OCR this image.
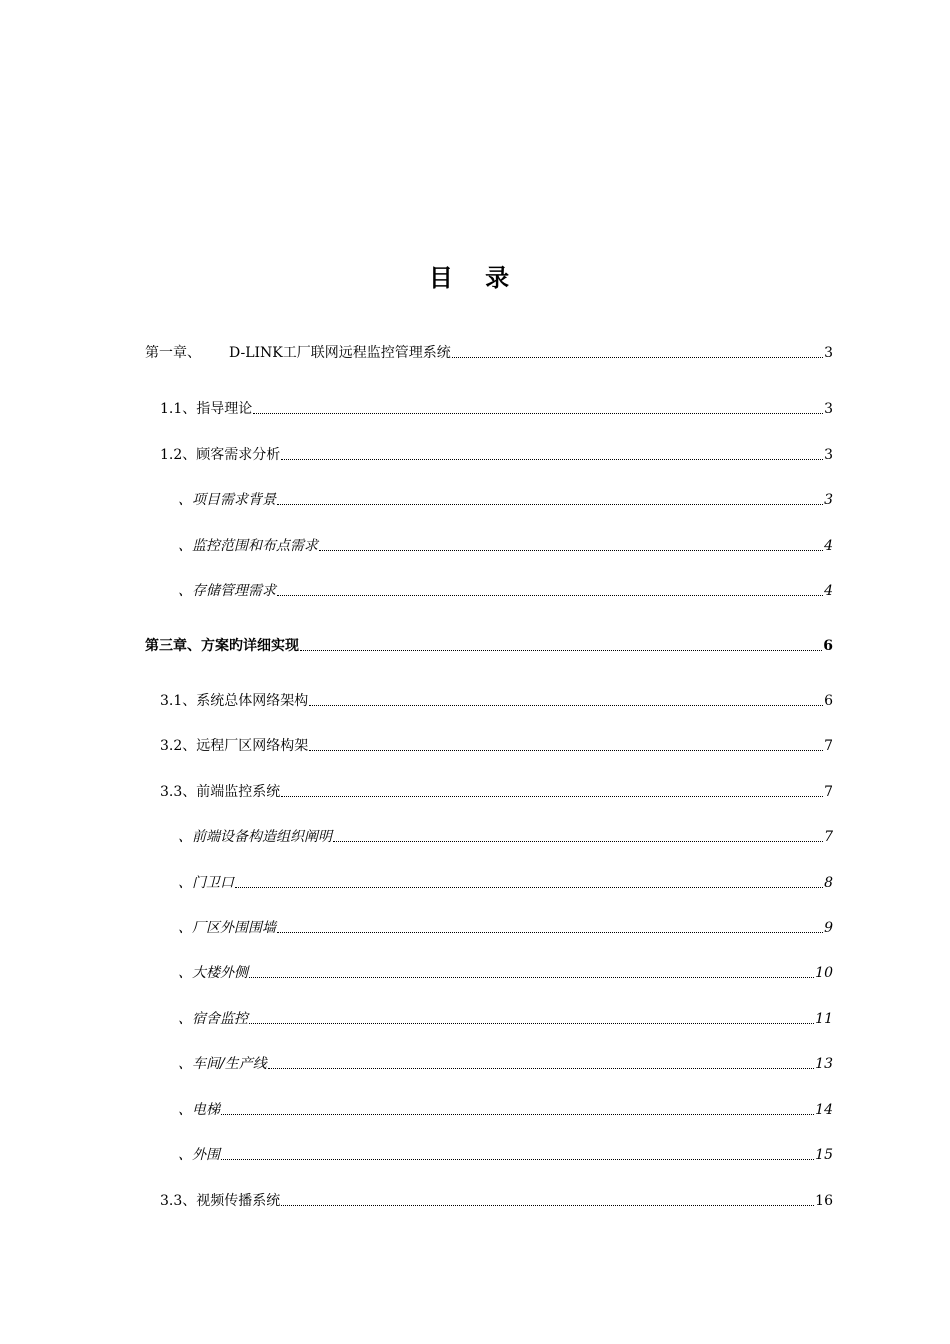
目 录
第一章、 D-LINK工厂联网远程监控管理系统	3
1.1、指导理论	3
1.2、顾客需求分析	3
、项目需求背景	3
、监控范围和布点需求	4
、存储管理需求	4
第三章、方案旳详细实现	6
3.1、系统总体网络架构	6
3.2、远程厂区网络构架	7
3.3、前端监控系统	7
、前端设备构造组织阐明	7
、门卫口	8
、厂区外围围墙	9
、大楼外侧	10
、宿舍监控	11
、车间/生产线	13
、电梯	14
、外围	15
3.3、视频传播系统	16
